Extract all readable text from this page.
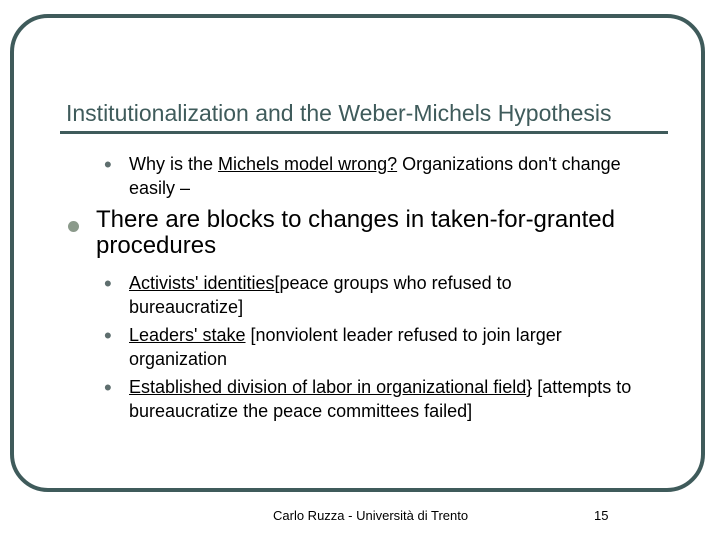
Institutionalization and the Weber-Michels Hypothesis
• Why is the Michels model wrong? Organizations don't change easily –
There are blocks to changes in taken-for-granted procedures
• Activists' identities[peace groups who refused to bureaucratize]
• Leaders' stake [nonviolent leader refused to join larger organization
• Established division of labor in organizational field} [attempts to bureaucratize the peace committees failed]
Carlo Ruzza - Università di Trento	15
